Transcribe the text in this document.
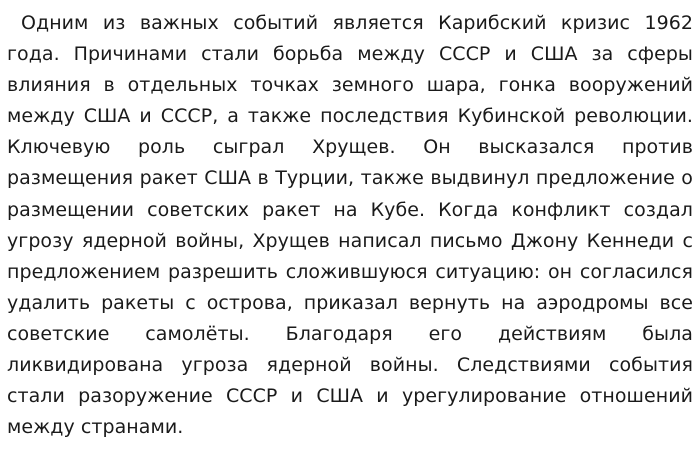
Одним из важных событий является Карибский кризис 1962 года. Причинами стали борьба между СССР и США за сферы влияния в отдельных точках земного шара, гонка вооружений между США и СССР, а также последствия Кубинской революции. Ключевую роль сыграл Хрущев. Он высказался против размещения ракет США в Турции, также выдвинул предложение о размещении советских ракет на Кубе. Когда конфликт создал угрозу ядерной войны, Хрущев написал письмо Джону Кеннеди с предложением разрешить сложившуюся ситуацию: он согласился удалить ракеты с острова, приказал вернуть на аэродромы все советские самолёты. Благодаря его действиям была ликвидирована угроза ядерной войны. Следствиями события стали разоружение СССР и США и урегулирование отношений между странами.
